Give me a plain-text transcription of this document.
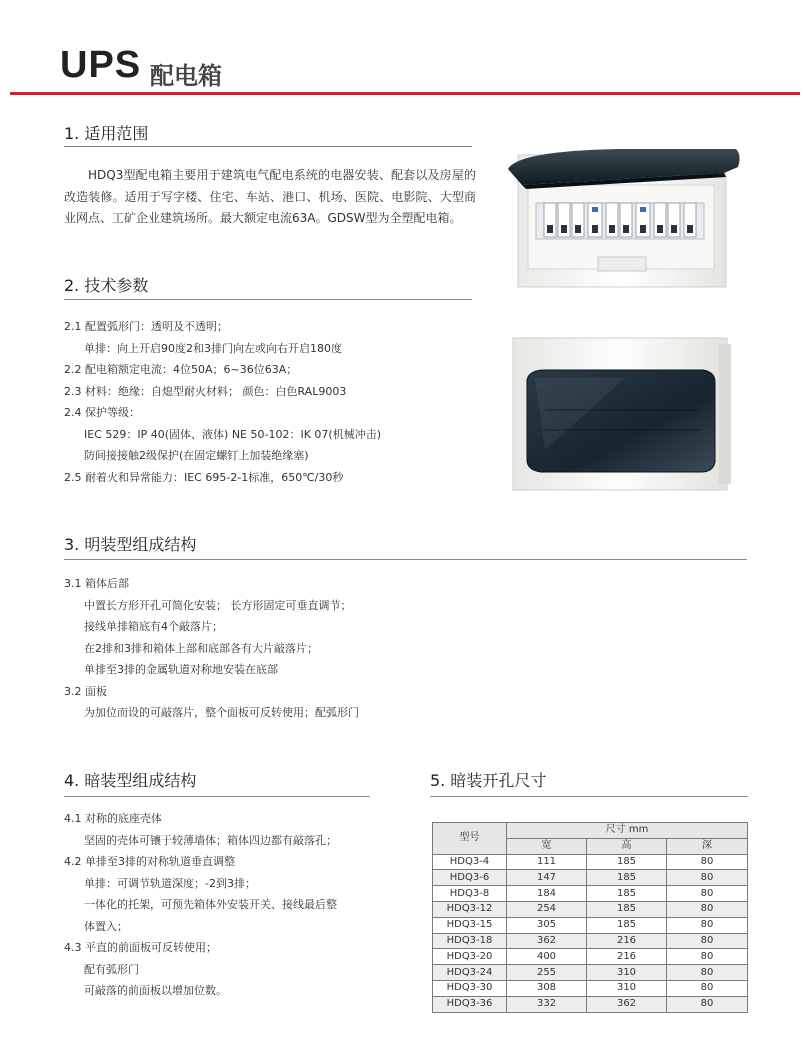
UPS 配电箱
1. 适用范围
HDQ3型配电箱主要用于建筑电气配电系统的电器安装、配套以及房屋的改造装修。适用于写字楼、住宅、车站、港口、机场、医院、电影院、大型商业网点、工矿企业建筑场所。最大额定电流63A。GDSW型为全塑配电箱。
2. 技术参数
2.1 配置弧形门：透明及不透明；
单排：向上开启90度2和3排门向左或向右开启180度
2.2 配电箱额定电流：4位50A；6~36位63A；
2.3 材料：绝缘：自熄型耐火材料； 颜色：白色RAL9003
2.4 保护等级：
IEC 529：IP 40(固体、液体) NE 50-102：IK 07(机械冲击)
防间接接触2级保护(在固定螺钉上加装绝缘塞)
2.5 耐着火和异常能力：IEC 695-2-1标准，650℃/30秒
3. 明装型组成结构
3.1 箱体后部
中置长方形开孔可简化安装； 长方形固定可垂直调节；
接线单排箱底有4个敲落片；
在2排和3排和箱体上部和底部各有大片敲落片；
单排至3排的金属轨道对称地安装在底部
3.2 面板
为加位而设的可敲落片，整个面板可反转使用；配弧形门
4. 暗装型组成结构
4.1 对称的底座壳体
坚固的壳体可镶于较薄墙体；箱体四边都有敲落孔；
4.2 单排至3排的对称轨道垂直调整
单排：可调节轨道深度；-2到3排；
一体化的托架，可预先箱体外安装开关、接线最后整
体置入；
4.3 平直的前面板可反转使用；
配有弧形门
可敲落的前面板以增加位数。
5. 暗装开孔尺寸
型号	尺寸 mm		
	宽	高	深
HDQ3-4	111	185	80
HDQ3-6	147	185	80
HDQ3-8	184	185	80
HDQ3-12	254	185	80
HDQ3-15	305	185	80
HDQ3-18	362	216	80
HDQ3-20	400	216	80
HDQ3-24	255	310	80
HDQ3-30	308	310	80
HDQ3-36	332	362	80
